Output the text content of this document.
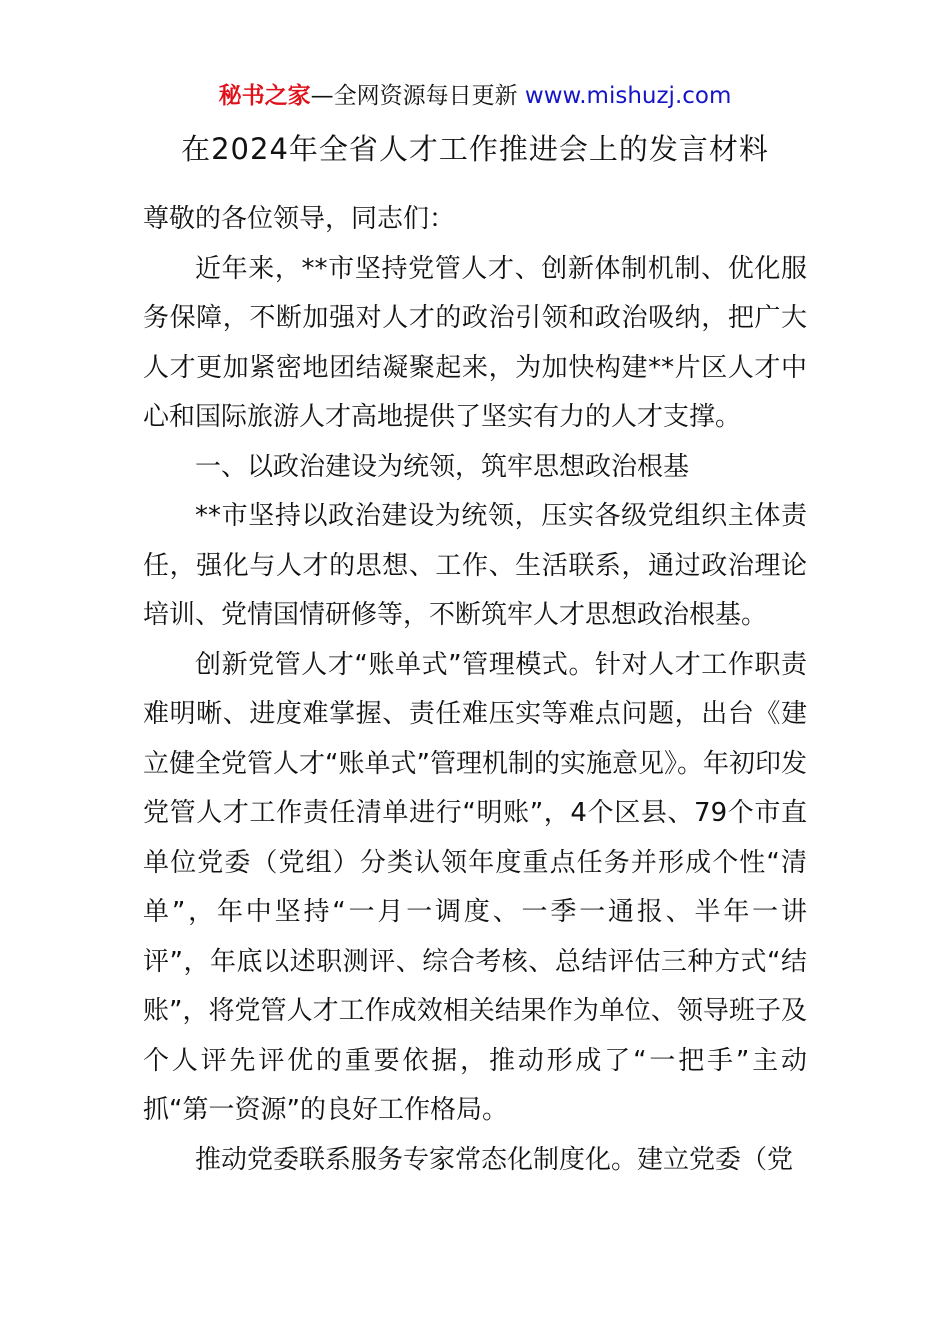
秘书之家—全网资源每日更新 www.mishuzj.com
在2024年全省人才工作推进会上的发言材料

尊敬的各位领导，同志们：

近年来，**市坚持党管人才、创新体制机制、优化服务保障，不断加强对人才的政治引领和政治吸纳，把广大人才更加紧密地团结凝聚起来，为加快构建**片区人才中心和国际旅游人才高地提供了坚实有力的人才支撑。

一、以政治建设为统领，筑牢思想政治根基

**市坚持以政治建设为统领，压实各级党组织主体责任，强化与人才的思想、工作、生活联系，通过政治理论培训、党情国情研修等，不断筑牢人才思想政治根基。

创新党管人才“账单式”管理模式。针对人才工作职责难明晰、进度难掌握、责任难压实等难点问题，出台《建立健全党管人才“账单式”管理机制的实施意见》。年初印发党管人才工作责任清单进行“明账”，4个区县、79个市直单位党委（党组）分类认领年度重点任务并形成个性“清单”，年中坚持“一月一调度、一季一通报、半年一讲评”，年底以述职测评、综合考核、总结评估三种方式“结账”，将党管人才工作成效相关结果作为单位、领导班子及个人评先评优的重要依据，推动形成了“一把手”主动抓“第一资源”的良好工作格局。

推动党委联系服务专家常态化制度化。建立党委（党
